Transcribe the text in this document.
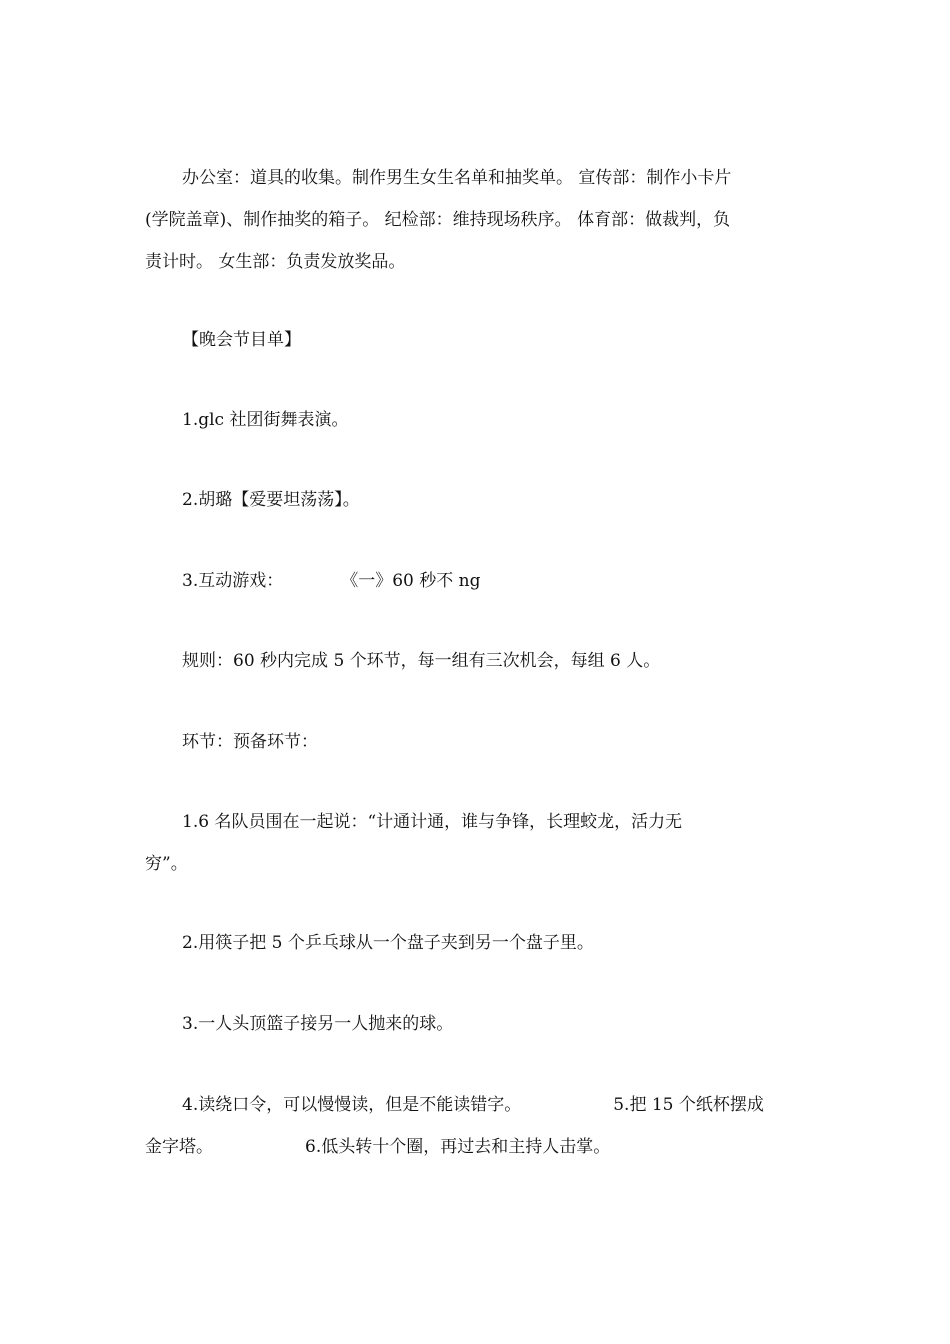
办公室：道具的收集。制作男生女生名单和抽奖单。 宣传部：制作小卡片
(学院盖章)、制作抽奖的箱子。 纪检部：维持现场秩序。 体育部：做裁判，负
责计时。 女生部：负责发放奖品。
【晚会节目单】
1.glc 社团街舞表演。
2.胡璐【爱要坦荡荡】。
3.互动游戏：	《一》60 秒不 ng
规则：60 秒内完成 5 个环节，每一组有三次机会，每组 6 人。
环节：预备环节：
1.6 名队员围在一起说：“计通计通，谁与争锋，长理蛟龙，活力无
穷”。
2.用筷子把 5 个乒乓球从一个盘子夹到另一个盘子里。
3.一人头顶篮子接另一人抛来的球。
4.读绕口令，可以慢慢读，但是不能读错字。	5.把 15 个纸杯摆成
金字塔。	6.低头转十个圈，再过去和主持人击掌。
